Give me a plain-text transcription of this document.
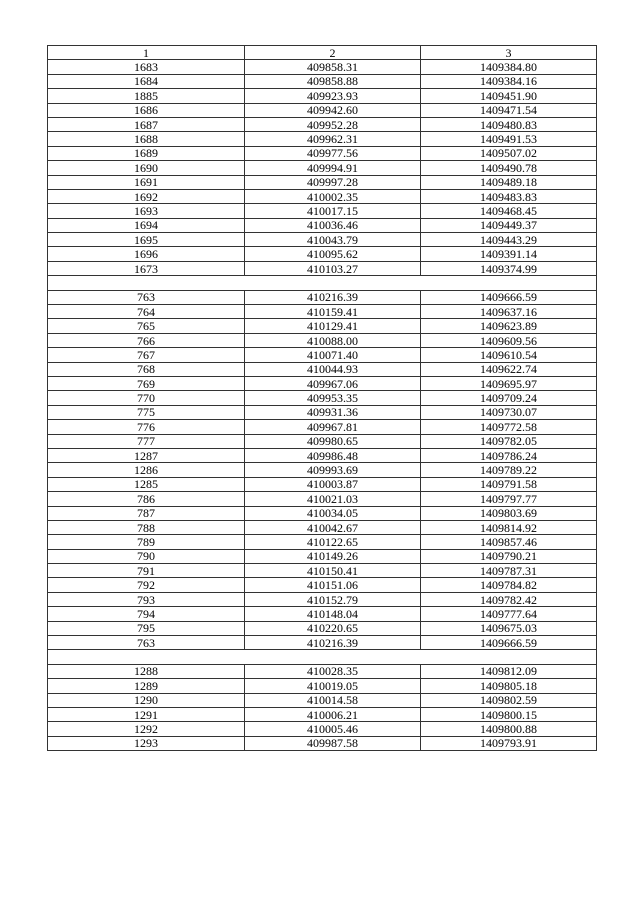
1	2	3
1683	409858.31	1409384.80
1684	409858.88	1409384.16
1885	409923.93	1409451.90
1686	409942.60	1409471.54
1687	409952.28	1409480.83
1688	409962.31	1409491.53
1689	409977.56	1409507.02
1690	409994.91	1409490.78
1691	409997.28	1409489.18
1692	410002.35	1409483.83
1693	410017.15	1409468.45
1694	410036.46	1409449.37
1695	410043.79	1409443.29
1696	410095.62	1409391.14
1673	410103.27	1409374.99

763	410216.39	1409666.59
764	410159.41	1409637.16
765	410129.41	1409623.89
766	410088.00	1409609.56
767	410071.40	1409610.54
768	410044.93	1409622.74
769	409967.06	1409695.97
770	409953.35	1409709.24
775	409931.36	1409730.07
776	409967.81	1409772.58
777	409980.65	1409782.05
1287	409986.48	1409786.24
1286	409993.69	1409789.22
1285	410003.87	1409791.58
786	410021.03	1409797.77
787	410034.05	1409803.69
788	410042.67	1409814.92
789	410122.65	1409857.46
790	410149.26	1409790.21
791	410150.41	1409787.31
792	410151.06	1409784.82
793	410152.79	1409782.42
794	410148.04	1409777.64
795	410220.65	1409675.03
763	410216.39	1409666.59

1288	410028.35	1409812.09
1289	410019.05	1409805.18
1290	410014.58	1409802.59
1291	410006.21	1409800.15
1292	410005.46	1409800.88
1293	409987.58	1409793.91
